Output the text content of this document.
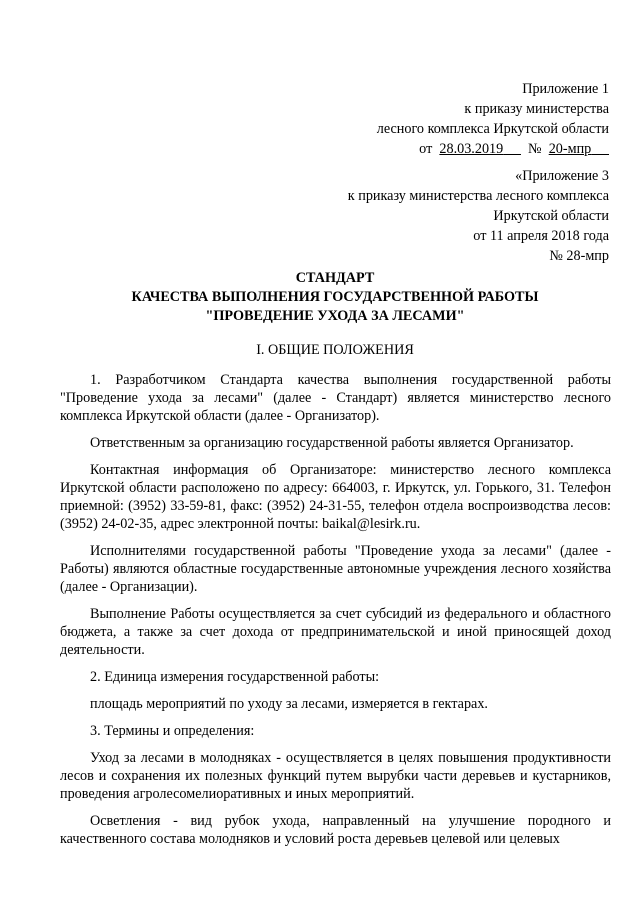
Приложение 1
к приказу министерства
лесного комплекса Иркутской области
от 28.03.2019 № 20-мпр
«Приложение 3
к приказу министерства лесного комплекса
Иркутской области
от 11 апреля 2018 года
№ 28-мпр
СТАНДАРТ
КАЧЕСТВА ВЫПОЛНЕНИЯ ГОСУДАРСТВЕННОЙ РАБОТЫ
"ПРОВЕДЕНИЕ УХОДА ЗА ЛЕСАМИ"
I. ОБЩИЕ ПОЛОЖЕНИЯ

1. Разработчиком Стандарта качества выполнения государственной работы "Проведение ухода за лесами" (далее - Стандарт) является министерство лесного комплекса Иркутской области (далее - Организатор).

Ответственным за организацию государственной работы является Организатор.

Контактная информация об Организаторе: министерство лесного комплекса Иркутской области расположено по адресу: 664003, г. Иркутск, ул. Горького, 31. Телефон приемной: (3952) 33-59-81, факс: (3952) 24-31-55, телефон отдела воспроизводства лесов: (3952) 24-02-35, адрес электронной почты: baikal@lesirk.ru.

Исполнителями государственной работы "Проведение ухода за лесами" (далее - Работы) являются областные государственные автономные учреждения лесного хозяйства (далее - Организации).

Выполнение Работы осуществляется за счет субсидий из федерального и областного бюджета, а также за счет дохода от предпринимательской и иной приносящей доход деятельности.

2. Единица измерения государственной работы:

площадь мероприятий по уходу за лесами, измеряется в гектарах.

3. Термины и определения:

Уход за лесами в молодняках - осуществляется в целях повышения продуктивности лесов и сохранения их полезных функций путем вырубки части деревьев и кустарников, проведения агролесомелиоративных и иных мероприятий.

Осветления - вид рубок ухода, направленный на улучшение породного и качественного состава молодняков и условий роста деревьев целевой или целевых
